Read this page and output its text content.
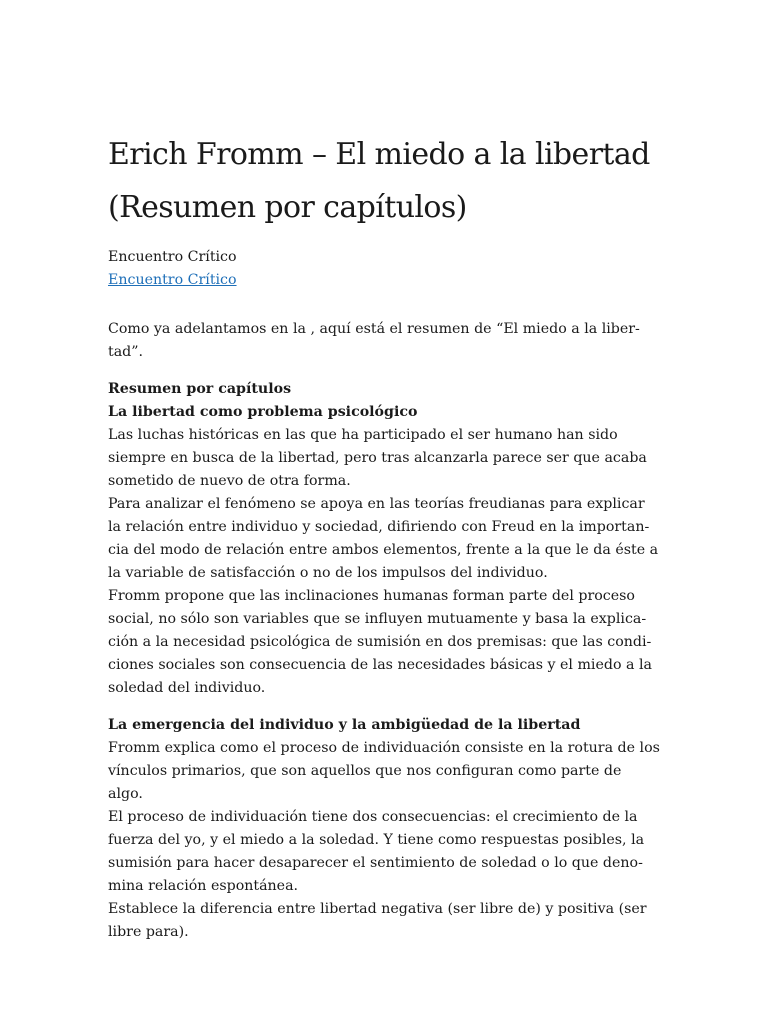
Erich Fromm – El miedo a la libertad
(Resumen por capítulos)
Encuentro Crítico
Encuentro Crítico

Como ya adelantamos en la , aquí está el resumen de “El miedo a la liber-tad”.

Resumen por capítulos

La libertad como problema psicológico

Las luchas históricas en las que ha participado el ser humano han sido siempre en busca de la libertad, pero tras alcanzarla parece ser que acaba sometido de nuevo de otra forma.

Para analizar el fenómeno se apoya en las teorías freudianas para explicar la relación entre individuo y sociedad, difiriendo con Freud en la importan-cia del modo de relación entre ambos elementos, frente a la que le da éste a la variable de satisfacción o no de los impulsos del individuo.

Fromm propone que las inclinaciones humanas forman parte del proceso social, no sólo son variables que se influyen mutuamente y basa la explica-ción a la necesidad psicológica de sumisión en dos premisas: que las condi-ciones sociales son consecuencia de las necesidades básicas y el miedo a la soledad del individuo.

La emergencia del individuo y la ambigüedad de la libertad

Fromm explica como el proceso de individuación consiste en la rotura de los vínculos primarios, que son aquellos que nos configuran como parte de algo.

El proceso de individuación tiene dos consecuencias: el crecimiento de la fuerza del yo, y el miedo a la soledad. Y tiene como respuestas posibles, la sumisión para hacer desaparecer el sentimiento de soledad o lo que deno-mina relación espontánea.

Establece la diferencia entre libertad negativa (ser libre de) y positiva (ser libre para).
